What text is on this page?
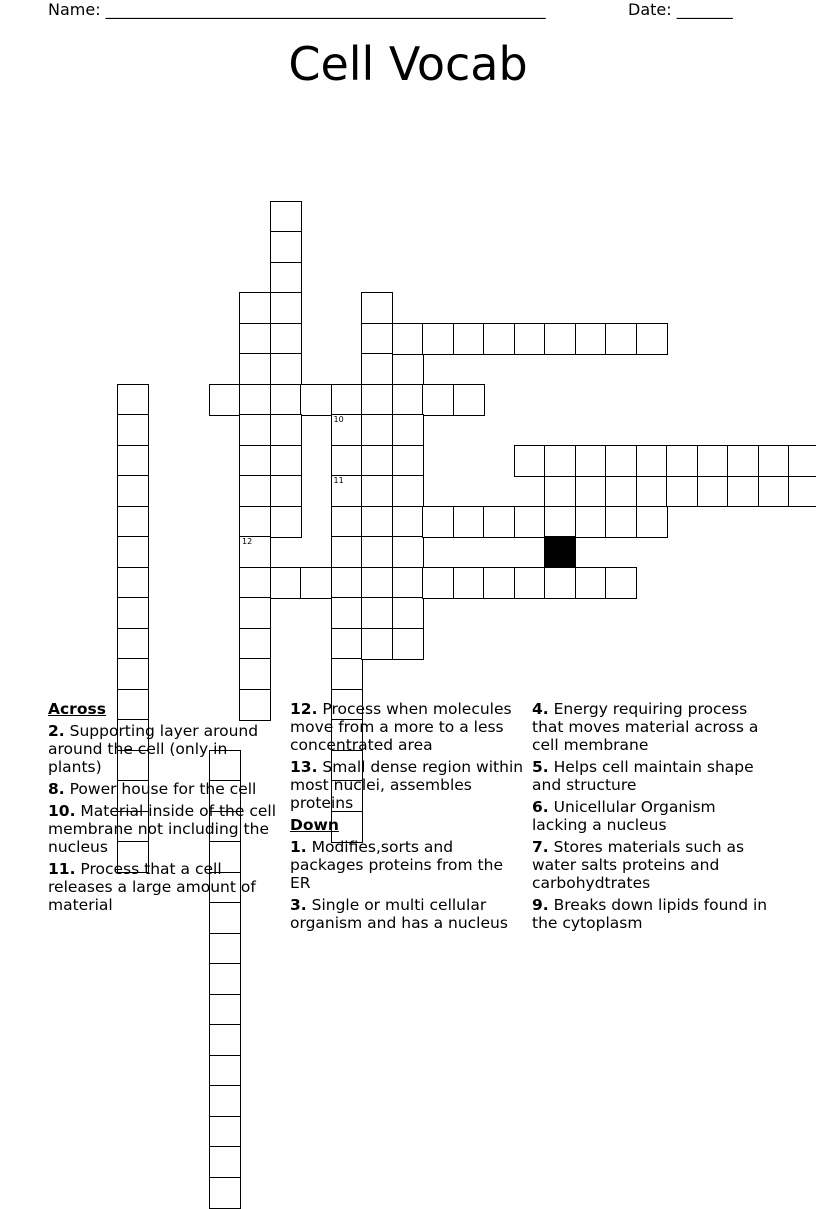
Name: _______________________________________________________	Date: _______
Cell Vocab
12
10
11
Across
2. Supporting layer around around the cell (only in plants)
8. Power house for the cell
10. Material inside of the cell membrane not including the nucleus
11. Process that a cell releases a large amount of material
12. Process when molecules move from a more to a less concentrated area
13. Small dense region within most nuclei, assembles proteins
Down
1. Modifies,sorts and packages proteins from the ER
3. Single or multi cellular organism and has a nucleus
4. Energy requiring process that moves material across a cell membrane
5. Helps cell maintain shape and structure
6. Unicellular Organism lacking a nucleus
7. Stores materials such as water salts proteins and carbohydtrates
9. Breaks down lipids found in the cytoplasm
